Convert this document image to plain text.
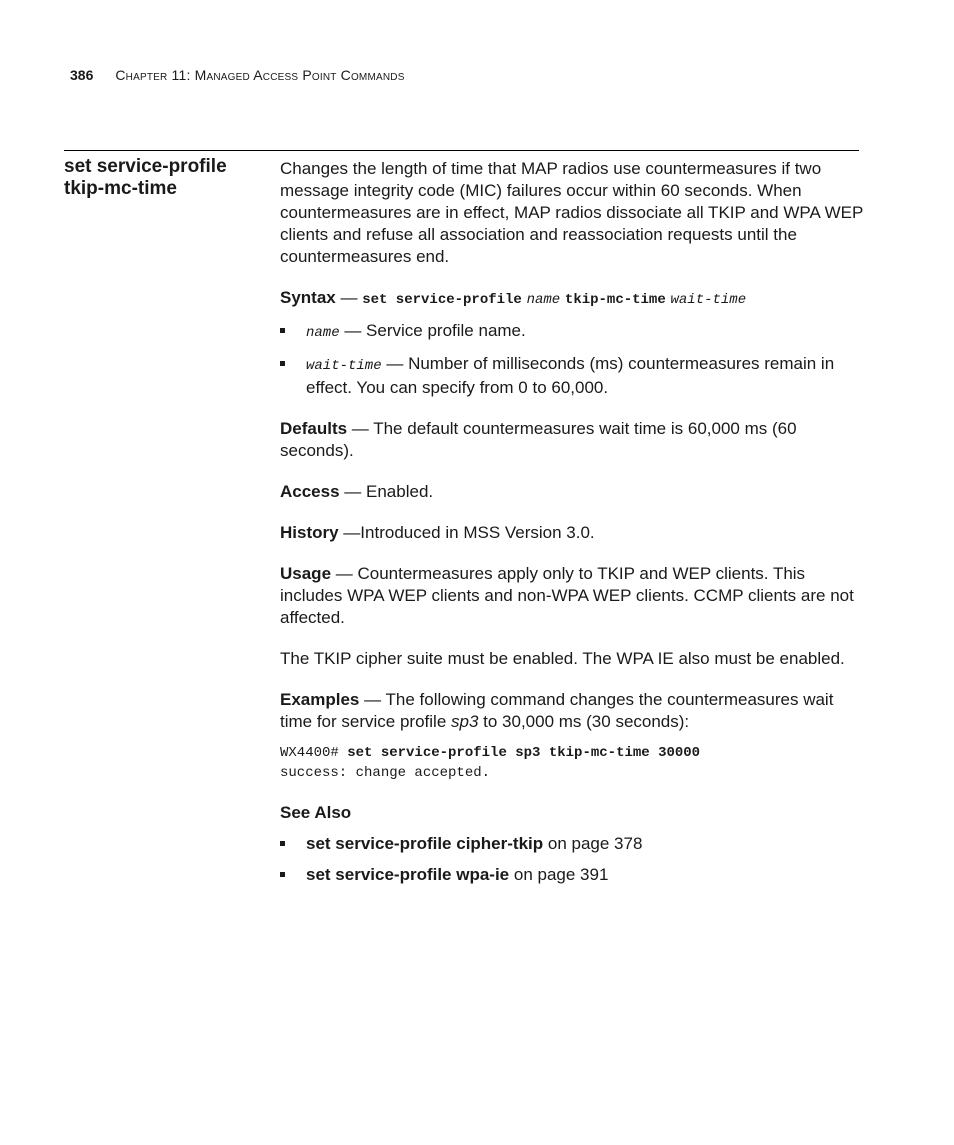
386 Chapter 11: Managed Access Point Commands
set service-profile
tkip-mc-time

Changes the length of time that MAP radios use countermeasures if two message integrity code (MIC) failures occur within 60 seconds. When countermeasures are in effect, MAP radios dissociate all TKIP and WPA WEP clients and refuse all association and reassociation requests until the countermeasures end.

Syntax — set service-profile name tkip-mc-time wait-time

name — Service profile name.
wait-time — Number of milliseconds (ms) countermeasures remain in effect. You can specify from 0 to 60,000.

Defaults — The default countermeasures wait time is 60,000 ms (60 seconds).

Access — Enabled.

History —Introduced in MSS Version 3.0.

Usage — Countermeasures apply only to TKIP and WEP clients. This includes WPA WEP clients and non-WPA WEP clients. CCMP clients are not affected.

The TKIP cipher suite must be enabled. The WPA IE also must be enabled.

Examples — The following command changes the countermeasures wait time for service profile sp3 to 30,000 ms (30 seconds):

WX4400# set service-profile sp3 tkip-mc-time 30000
success: change accepted.

See Also

set service-profile cipher-tkip on page 378
set service-profile wpa-ie on page 391
